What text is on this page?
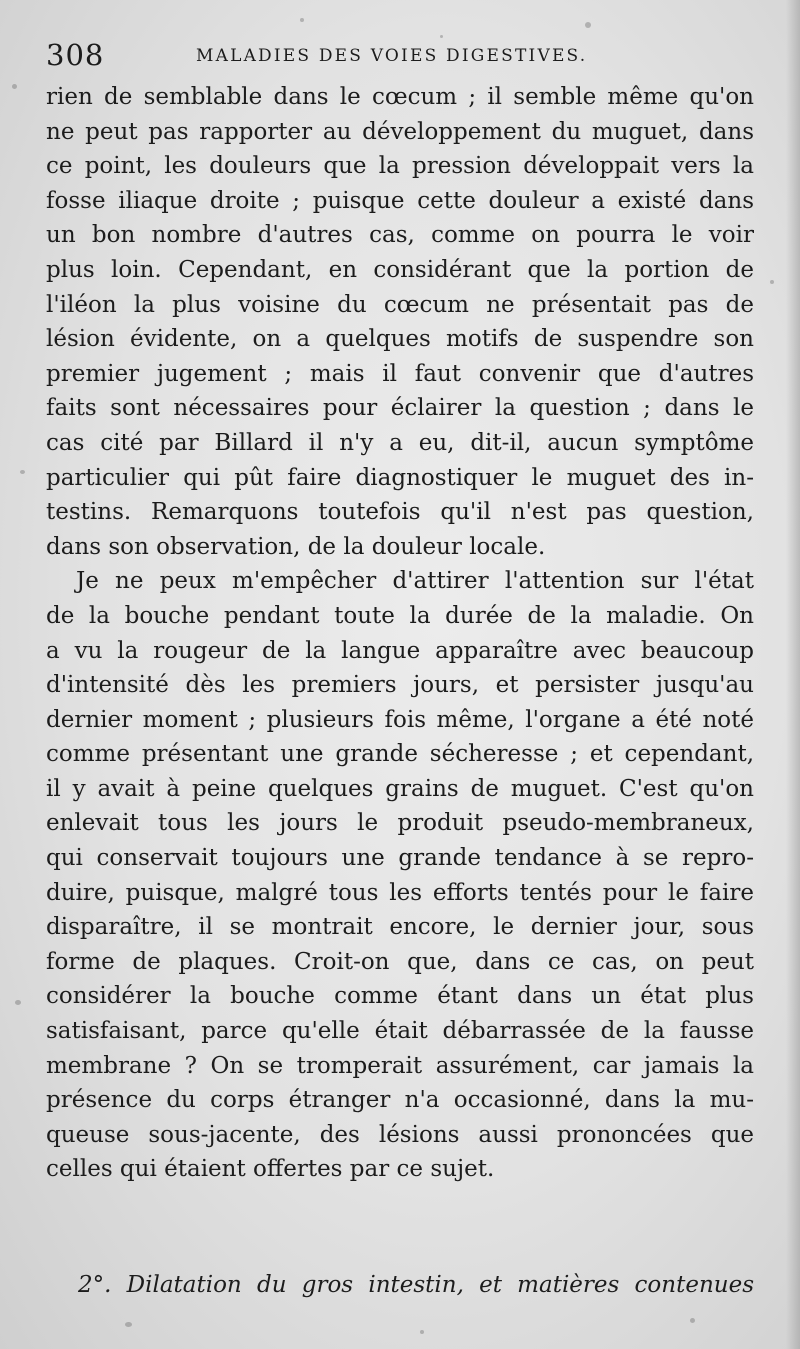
308	MALADIES DES VOIES DIGESTIVES.
rien de semblable dans le cœcum ; il semble même qu'on
ne peut pas rapporter au développement du muguet, dans
ce point, les douleurs que la pression développait vers la
fosse iliaque droite ; puisque cette douleur a existé dans
un bon nombre d'autres cas, comme on pourra le voir
plus loin. Cependant, en considérant que la portion de
l'iléon la plus voisine du cœcum ne présentait pas de
lésion évidente, on a quelques motifs de suspendre son
premier jugement ; mais il faut convenir que d'autres
faits sont nécessaires pour éclairer la question ; dans le
cas cité par Billard il n'y a eu, dit-il, aucun symptôme
particulier qui pût faire diagnostiquer le muguet des in-
testins. Remarquons toutefois qu'il n'est pas question,
dans son observation, de la douleur locale.
Je ne peux m'empêcher d'attirer l'attention sur l'état
de la bouche pendant toute la durée de la maladie. On
a vu la rougeur de la langue apparaître avec beaucoup
d'intensité dès les premiers jours, et persister jusqu'au
dernier moment ; plusieurs fois même, l'organe a été noté
comme présentant une grande sécheresse ; et cependant,
il y avait à peine quelques grains de muguet. C'est qu'on
enlevait tous les jours le produit pseudo-membraneux,
qui conservait toujours une grande tendance à se repro-
duire, puisque, malgré tous les efforts tentés pour le faire
disparaître, il se montrait encore, le dernier jour, sous
forme de plaques. Croit-on que, dans ce cas, on peut
considérer la bouche comme étant dans un état plus
satisfaisant, parce qu'elle était débarrassée de la fausse
membrane ? On se tromperait assurément, car jamais la
présence du corps étranger n'a occasionné, dans la mu-
queuse sous-jacente, des lésions aussi prononcées que
celles qui étaient offertes par ce sujet.
2°. Dilatation du gros intestin, et matières contenues
